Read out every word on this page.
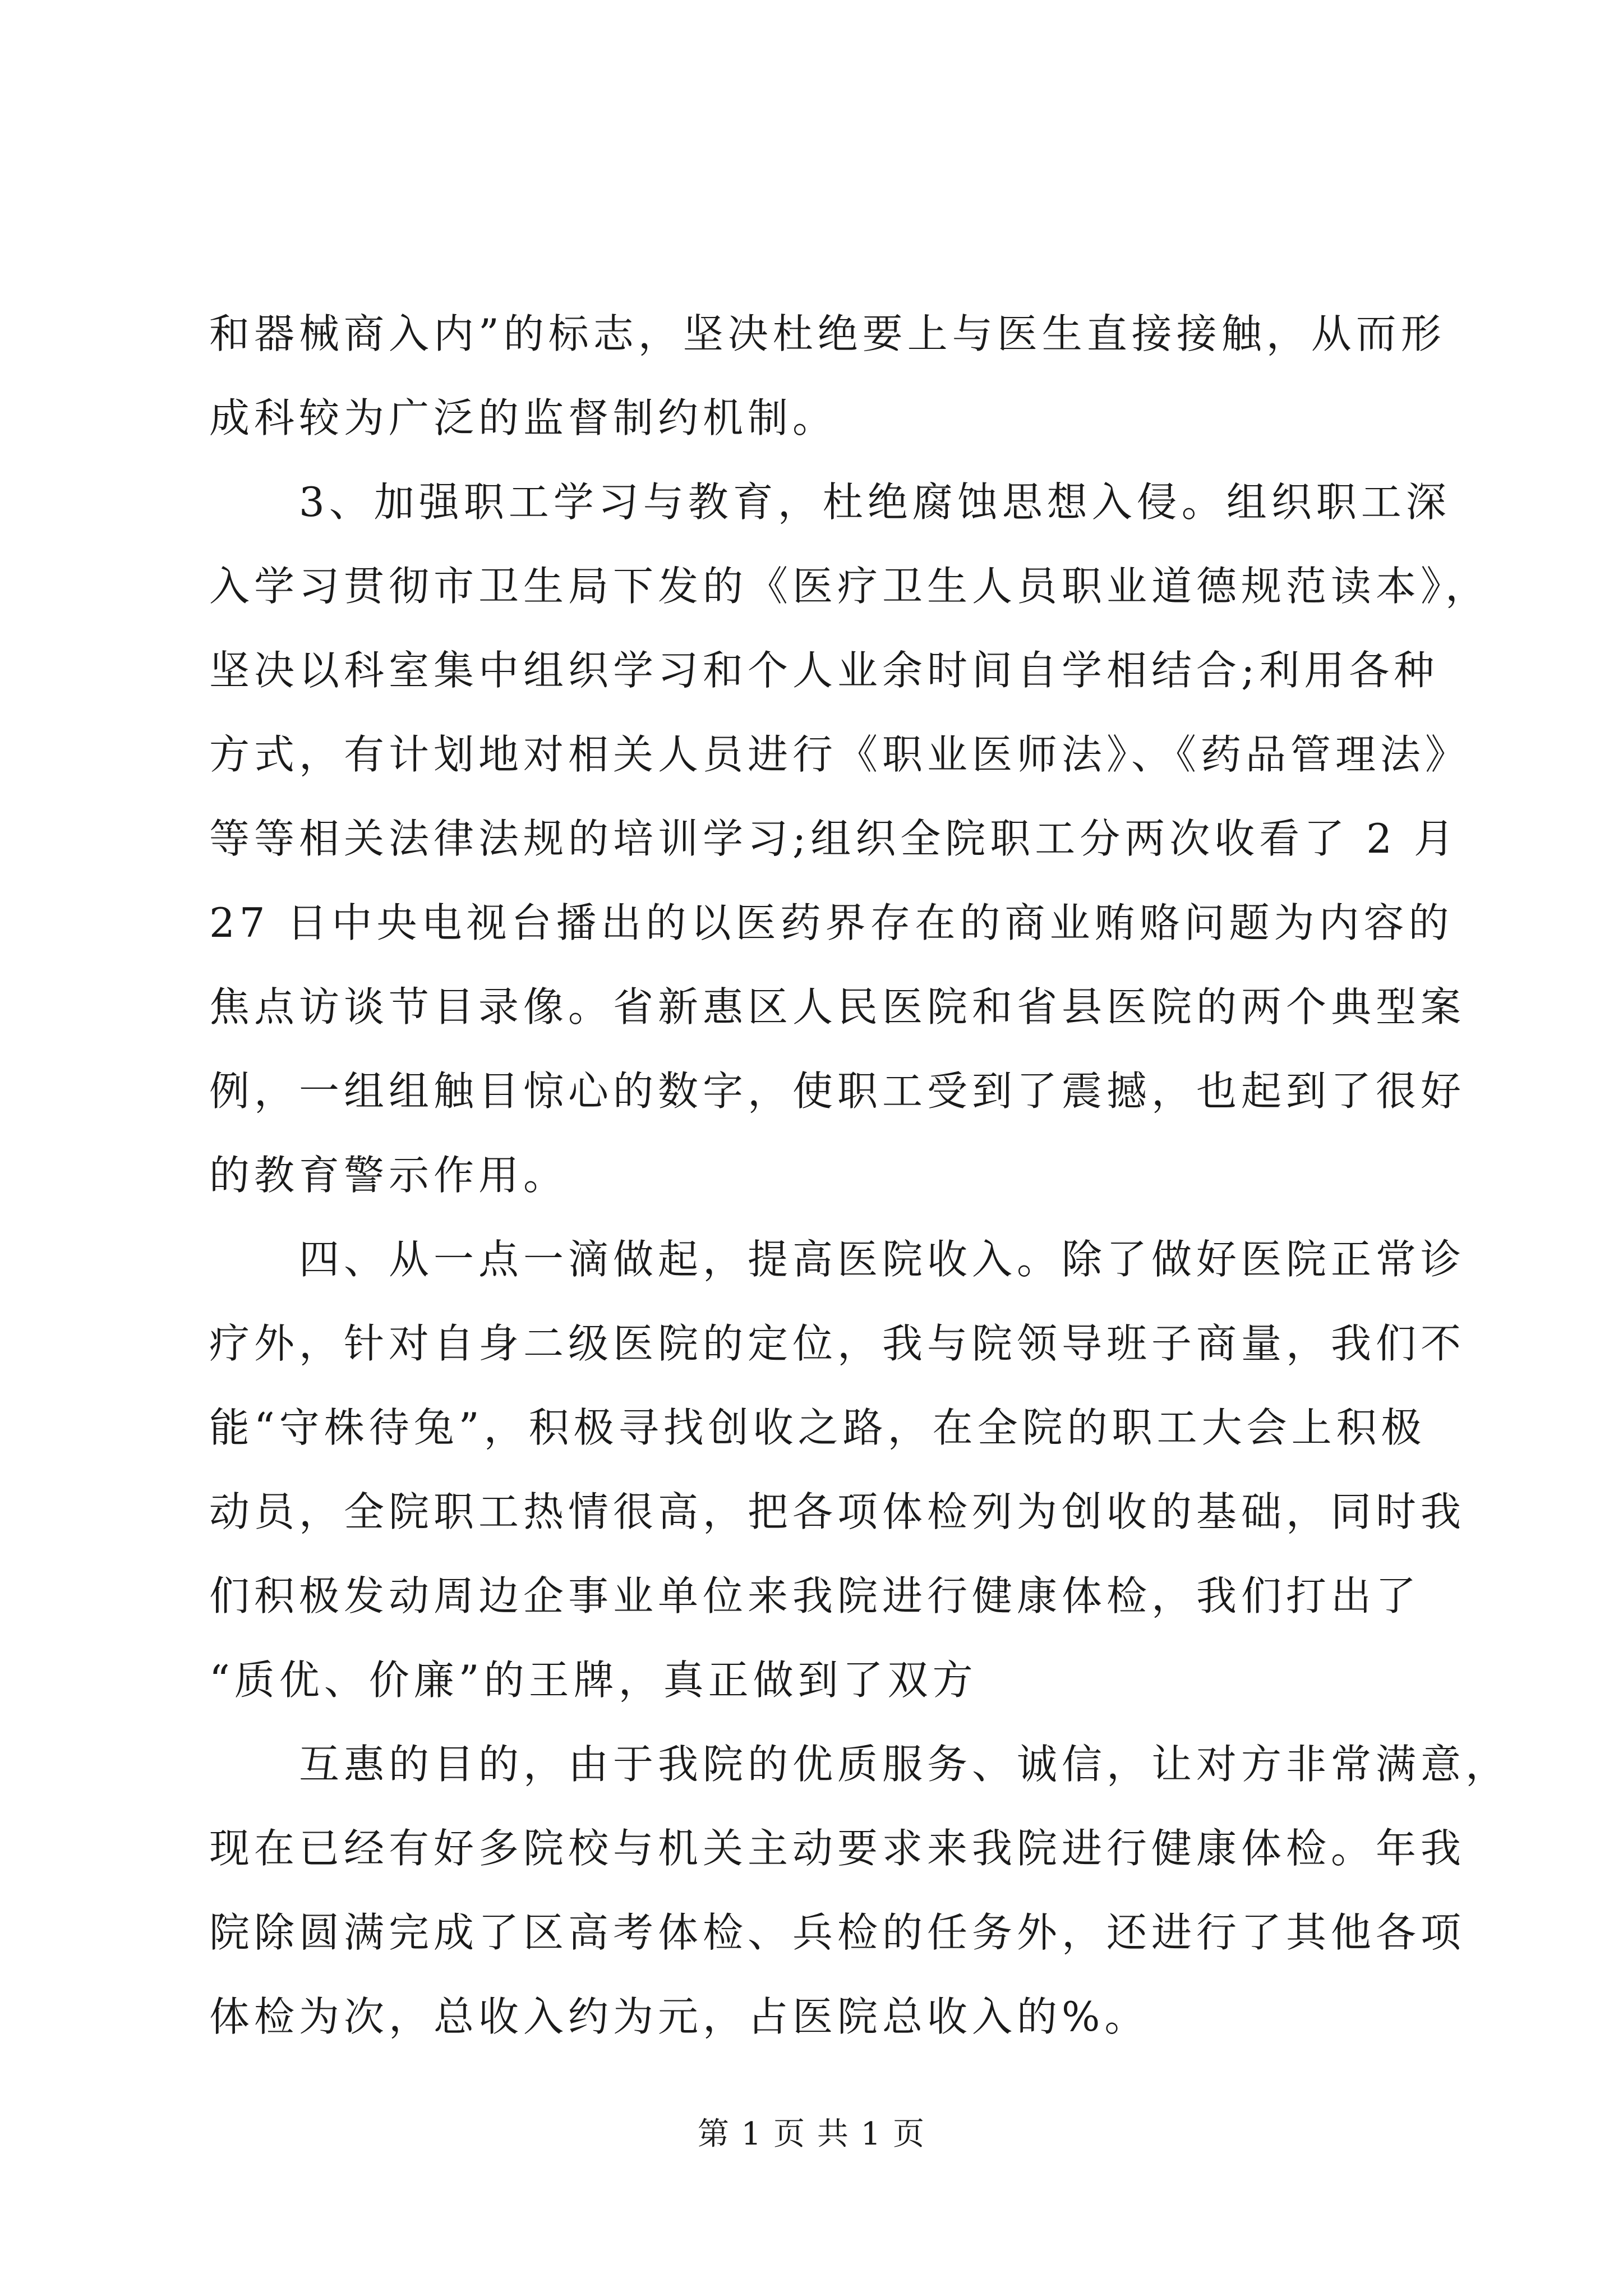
和器械商入内”的标志，坚决杜绝要上与医生直接接触，从而形
成科较为广泛的监督制约机制。
3、加强职工学习与教育，杜绝腐蚀思想入侵。组织职工深
入学习贯彻市卫生局下发的《医疗卫生人员职业道德规范读本》，
坚决以科室集中组织学习和个人业余时间自学相结合;利用各种
方式，有计划地对相关人员进行《职业医师法》、《药品管理法》
等等相关法律法规的培训学习;组织全院职工分两次收看了 2 月
27 日中央电视台播出的以医药界存在的商业贿赂问题为内容的
焦点访谈节目录像。省新惠区人民医院和省县医院的两个典型案
例，一组组触目惊心的数字，使职工受到了震撼，也起到了很好
的教育警示作用。
四、从一点一滴做起，提高医院收入。除了做好医院正常诊
疗外，针对自身二级医院的定位，我与院领导班子商量，我们不
能“守株待兔”，积极寻找创收之路，在全院的职工大会上积极
动员，全院职工热情很高，把各项体检列为创收的基础，同时我
们积极发动周边企事业单位来我院进行健康体检，我们打出了
“质优、价廉”的王牌，真正做到了双方
互惠的目的，由于我院的优质服务、诚信，让对方非常满意，
现在已经有好多院校与机关主动要求来我院进行健康体检。年我
院除圆满完成了区高考体检、兵检的任务外，还进行了其他各项
体检为次，总收入约为元，占医院总收入的%。
第 1 页 共 1 页
